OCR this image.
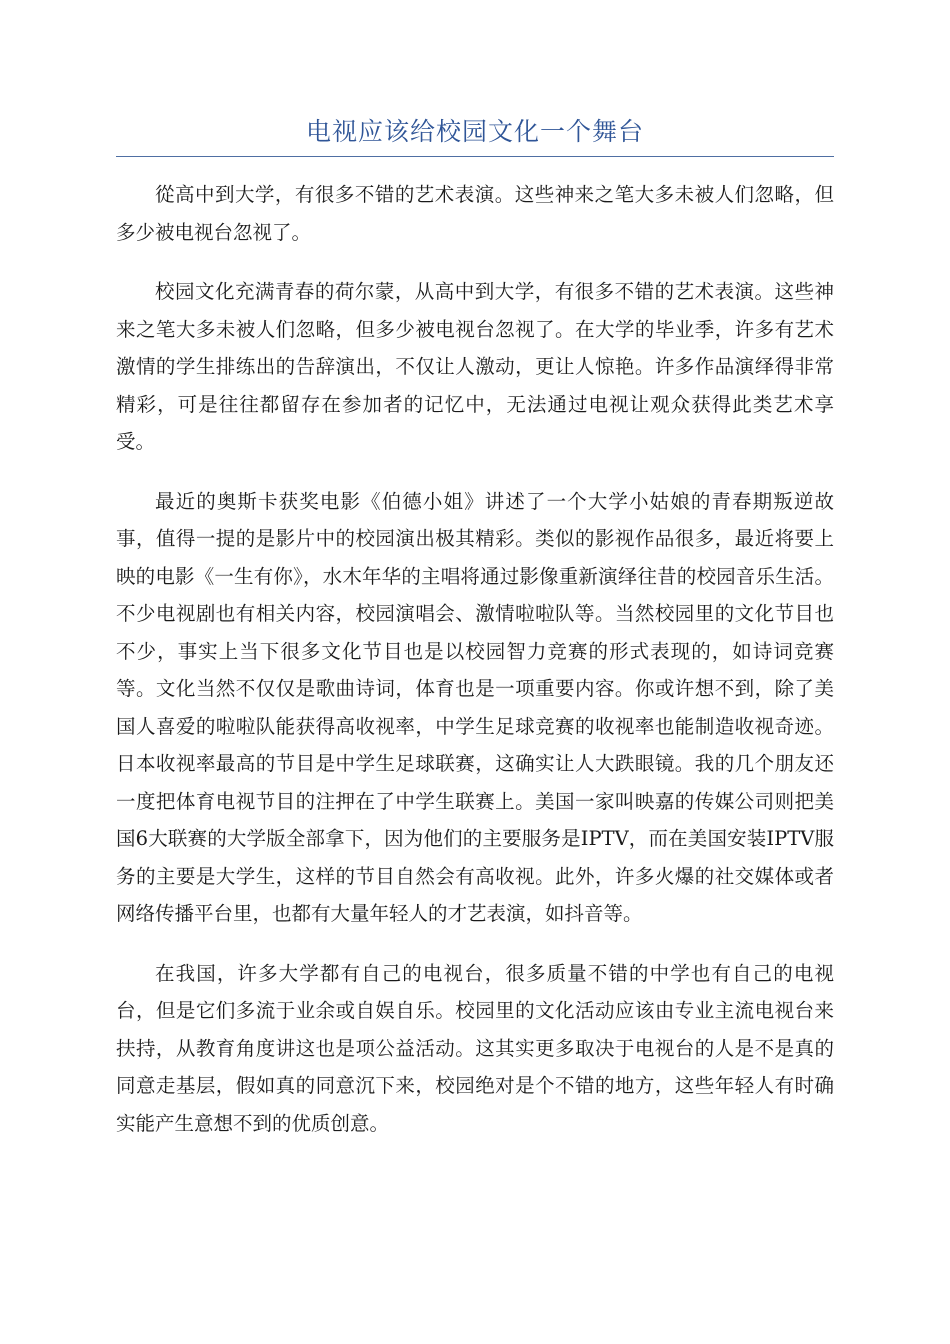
电视应该给校园文化一个舞台

從高中到大学，有很多不错的艺术表演。这些神来之笔大多未被人们忽略，但多少被电视台忽视了。

校园文化充满青春的荷尔蒙，从高中到大学，有很多不错的艺术表演。这些神来之笔大多未被人们忽略，但多少被电视台忽视了。在大学的毕业季，许多有艺术激情的学生排练出的告辞演出，不仅让人激动，更让人惊艳。许多作品演绎得非常精彩，可是往往都留存在参加者的记忆中，无法通过电视让观众获得此类艺术享受。

最近的奥斯卡获奖电影《伯德小姐》讲述了一个大学小姑娘的青春期叛逆故事，值得一提的是影片中的校园演出极其精彩。类似的影视作品很多，最近将要上映的电影《一生有你》，水木年华的主唱将通过影像重新演绎往昔的校园音乐生活。不少电视剧也有相关内容，校园演唱会、激情啦啦队等。当然校园里的文化节目也不少，事实上当下很多文化节目也是以校园智力竞赛的形式表现的，如诗词竞赛等。文化当然不仅仅是歌曲诗词，体育也是一项重要内容。你或许想不到，除了美国人喜爱的啦啦队能获得高收视率，中学生足球竞赛的收视率也能制造收视奇迹。日本收视率最高的节目是中学生足球联赛，这确实让人大跌眼镜。我的几个朋友还一度把体育电视节目的注押在了中学生联赛上。美国一家叫映嘉的传媒公司则把美国6大联赛的大学版全部拿下，因为他们的主要服务是IPTV，而在美国安装IPTV服务的主要是大学生，这样的节目自然会有高收视。此外，许多火爆的社交媒体或者网络传播平台里，也都有大量年轻人的才艺表演，如抖音等。

在我国，许多大学都有自己的电视台，很多质量不错的中学也有自己的电视台，但是它们多流于业余或自娱自乐。校园里的文化活动应该由专业主流电视台来扶持，从教育角度讲这也是项公益活动。这其实更多取决于电视台的人是不是真的同意走基层，假如真的同意沉下来，校园绝对是个不错的地方，这些年轻人有时确实能产生意想不到的优质创意。
